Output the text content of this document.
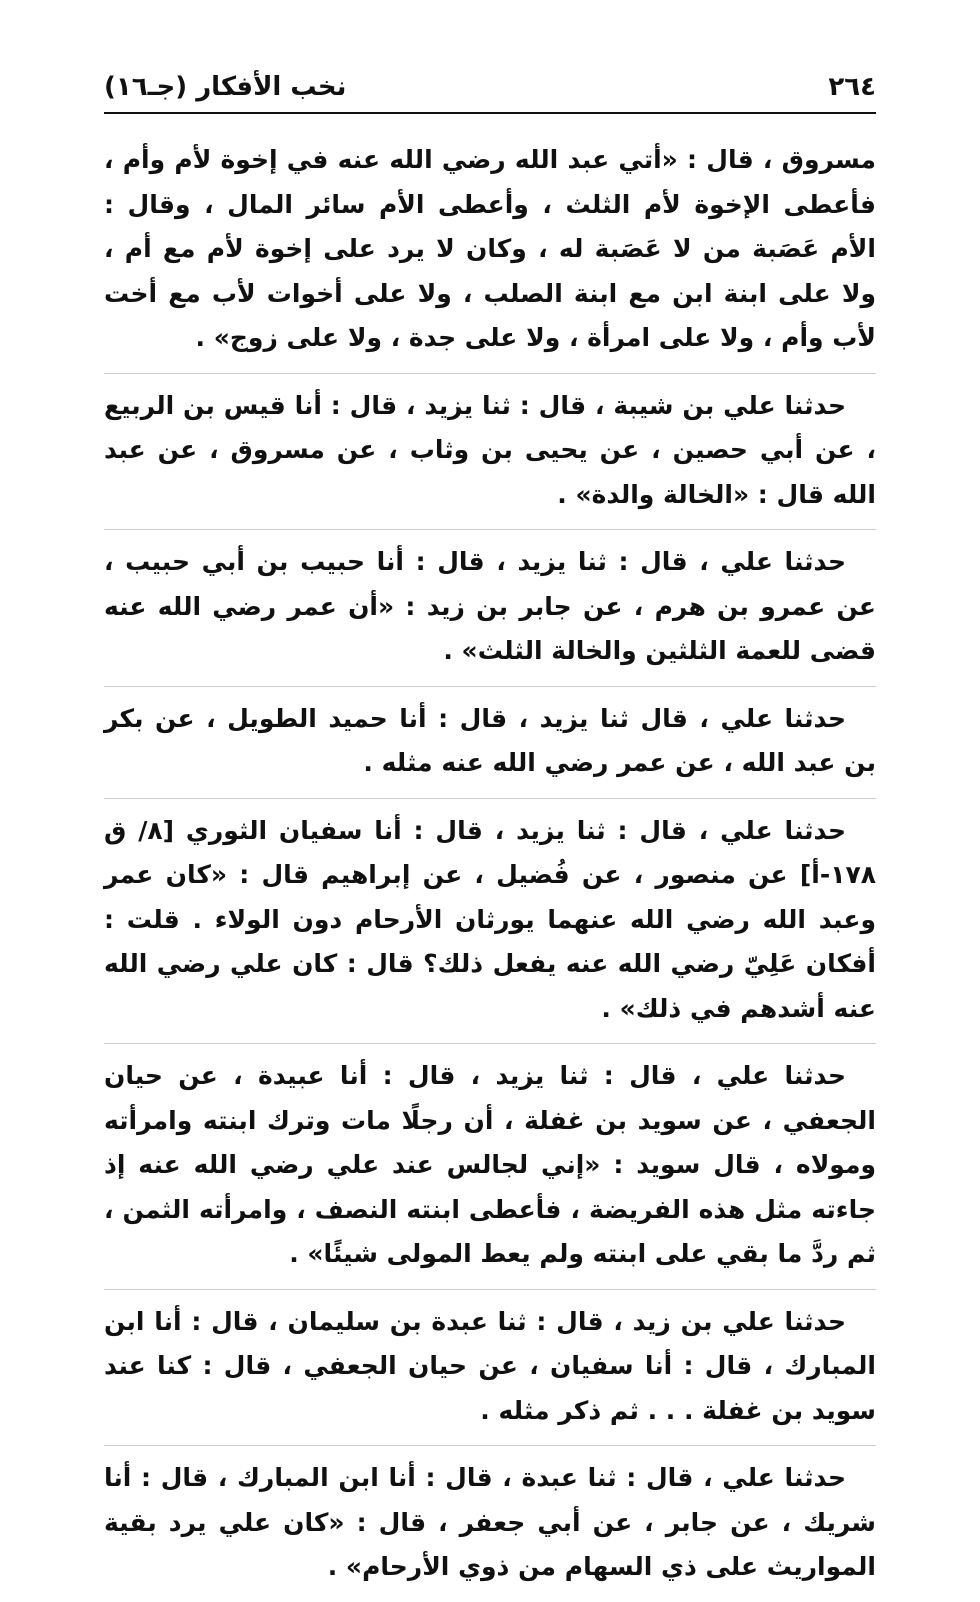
٢٦٤
نخب الأفكار (جـ١٦)

مسروق ، قال : «أتي عبد الله رضي الله عنه في إخوة لأم وأم ، فأعطى الإخوة لأم الثلث ، وأعطى الأم سائر المال ، وقال : الأم عَصَبة من لا عَصَبة له ، وكان لا يرد على إخوة لأم مع أم ، ولا على ابنة ابن مع ابنة الصلب ، ولا على أخوات لأب مع أخت لأب وأم ، ولا على امرأة ، ولا على جدة ، ولا على زوج» .

حدثنا علي بن شيبة ، قال : ثنا يزيد ، قال : أنا قيس بن الربيع ، عن أبي حصين ، عن يحيى بن وثاب ، عن مسروق ، عن عبد الله قال : «الخالة والدة» .

حدثنا علي ، قال : ثنا يزيد ، قال : أنا حبيب بن أبي حبيب ، عن عمرو بن هرم ، عن جابر بن زيد : «أن عمر رضي الله عنه قضى للعمة الثلثين والخالة الثلث» .

حدثنا علي ، قال ثنا يزيد ، قال : أنا حميد الطويل ، عن بكر بن عبد الله ، عن عمر رضي الله عنه مثله .

حدثنا علي ، قال : ثنا يزيد ، قال : أنا سفيان الثوري [٨/ ق ١٧٨-أ] عن منصور ، عن فُضيل ، عن إبراهيم قال : «كان عمر وعبد الله رضي الله عنهما يورثان الأرحام دون الولاء . قلت : أفكان عَلِيّ رضي الله عنه يفعل ذلك؟ قال : كان علي رضي الله عنه أشدهم في ذلك» .

حدثنا علي ، قال : ثنا يزيد ، قال : أنا عبيدة ، عن حيان الجعفي ، عن سويد بن غفلة ، أن رجلًا مات وترك ابنته وامرأته ومولاه ، قال سويد : «إني لجالس عند علي رضي الله عنه إذ جاءته مثل هذه الفريضة ، فأعطى ابنته النصف ، وامرأته الثمن ، ثم ردَّ ما بقي على ابنته ولم يعط المولى شيئًا» .

حدثنا علي بن زيد ، قال : ثنا عبدة بن سليمان ، قال : أنا ابن المبارك ، قال : أنا سفيان ، عن حيان الجعفي ، قال : كنا عند سويد بن غفلة . . . ثم ذكر مثله .

حدثنا علي ، قال : ثنا عبدة ، قال : أنا ابن المبارك ، قال : أنا شريك ، عن جابر ، عن أبي جعفر ، قال : «كان علي يرد بقية المواريث على ذي السهام من ذوي الأرحام» .
